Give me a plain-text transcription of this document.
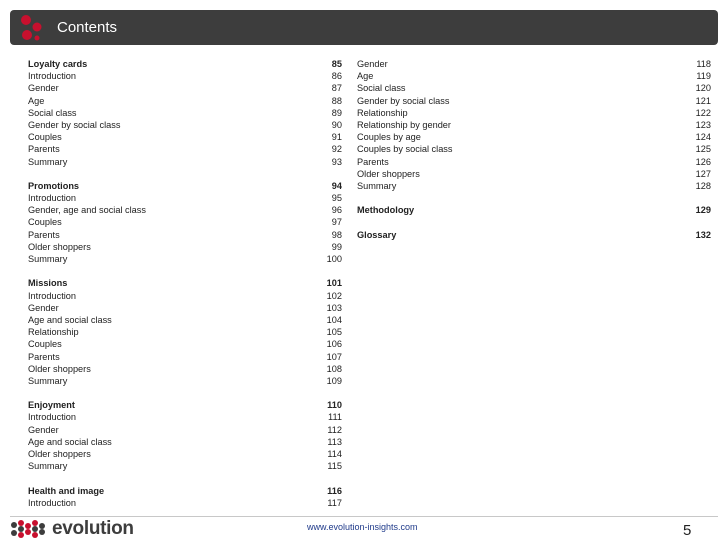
Contents
Loyalty cards	85
Introduction	86
Gender	87
Age	88
Social class	89
Gender by social class	90
Couples	91
Parents	92
Summary	93
Promotions	94
Introduction	95
Gender, age and social class	96
Couples	97
Parents	98
Older shoppers	99
Summary	100
Missions	101
Introduction	102
Gender	103
Age and social class	104
Relationship	105
Couples	106
Parents	107
Older shoppers	108
Summary	109
Enjoyment	110
Introduction	111
Gender	112
Age and social class	113
Older shoppers	114
Summary	115
Health and image	116
Introduction	117
Gender	118
Age	119
Social class	120
Gender by social class	121
Relationship	122
Relationship by gender	123
Couples by age	124
Couples by social class	125
Parents	126
Older shoppers	127
Summary	128
Methodology	129
Glossary	132
evolution	www.evolution-insights.com	5
